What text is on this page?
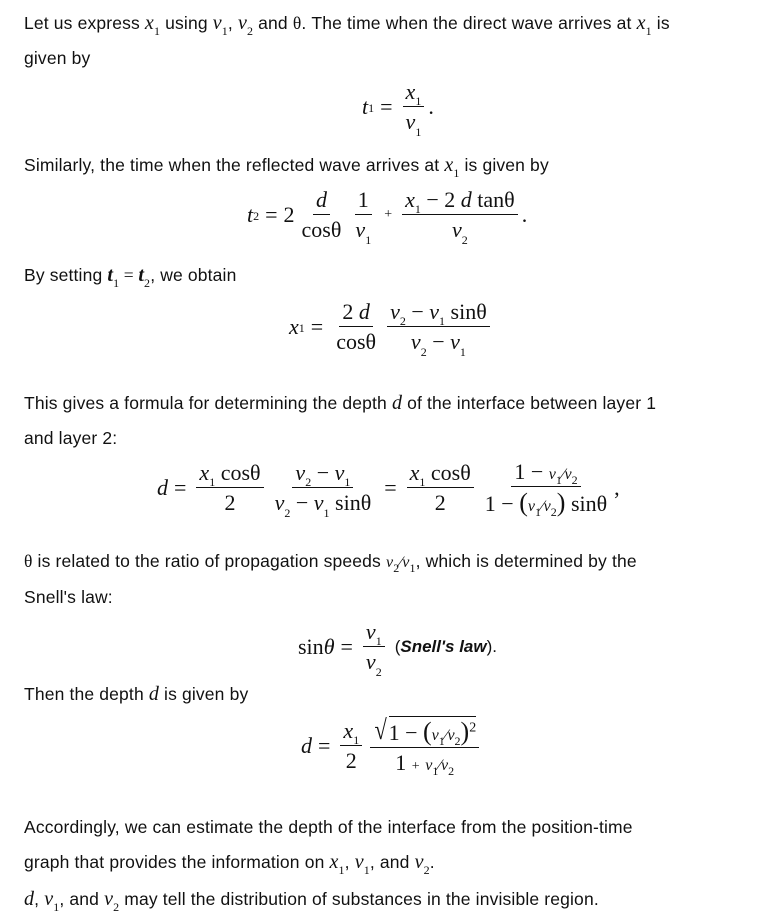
Let us express $x_1$ using $v_1$, $v_2$ and θ. The time when the direct wave arrives at $x_1$ is
given by

$t_1 = \frac{x_1}{v_1}$ .

Similarly, the time when the reflected wave arrives at $x_1$ is given by

$t_2 = 2 \frac{d}{\cos\theta} \frac{1}{v_1} + \frac{x_1 - 2 d \tan\theta}{v_2}$ .

By setting $t_1 = t_2$, we obtain

$x_1 = \frac{2 d}{\cos\theta} \frac{v_2 - v_1 \sin\theta}{v_2 - v_1}$

This gives a formula for determining the depth d of the interface between layer 1
and layer 2:

$d = \frac{x_1 \cos\theta}{2} \frac{v_2 - v_1}{v_2 - v_1 \sin\theta} = \frac{x_1 \cos\theta}{2} \frac{1 - v_1⁄v_2}{1 - (v_1⁄v_2) \sin\theta}$ ,

θ is related to the ratio of propagation speeds $v_2⁄v_1$, which is determined by the
Snell's law:

$\sin \theta = \frac{v_1}{v_2}$ (Snell's law).

Then the depth d is given by

$d = \frac{x_1}{2} \frac{√ 1 - (v_1⁄v_2)^2}{1 + v_1⁄v_2}$

Accordingly, we can estimate the depth of the interface from the position-time
graph that provides the information on $x_1$, $v_1$, and $v_2$.

d, $v_1$, and $v_2$ may tell the distribution of substances in the invisible region.
